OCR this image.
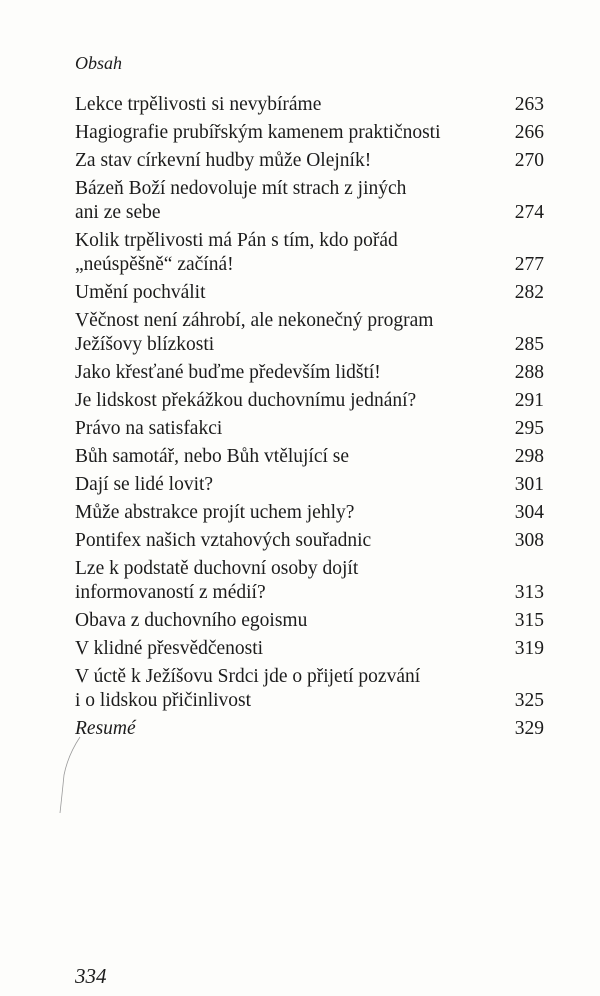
Obsah
Lekce trpělivosti si nevybíráme	263
Hagiografie prubířským kamenem praktičnosti	266
Za stav církevní hudby může Olejník!	270
Bázeň Boží nedovoluje mít strach z jiných
ani ze sebe	274
Kolik trpělivosti má Pán s tím, kdo pořád
„neúspěšně“ začíná!	277
Umění pochválit	282
Věčnost není záhrobí, ale nekonečný program
Ježíšovy blízkosti	285
Jako křesťané buďme především lidští!	288
Je lidskost překážkou duchovnímu jednání?	291
Právo na satisfakci	295
Bůh samotář, nebo Bůh vtělující se	298
Dají se lidé lovit?	301
Může abstrakce projít uchem jehly?	304
Pontifex našich vztahových souřadnic	308
Lze k podstatě duchovní osoby dojít
informovaností z médií?	313
Obava z duchovního egoismu	315
V klidné přesvědčenosti	319
V úctě k Ježíšovu Srdci jde o přijetí pozvání
i o lidskou přičinlivost	325
Resumé	329
334
